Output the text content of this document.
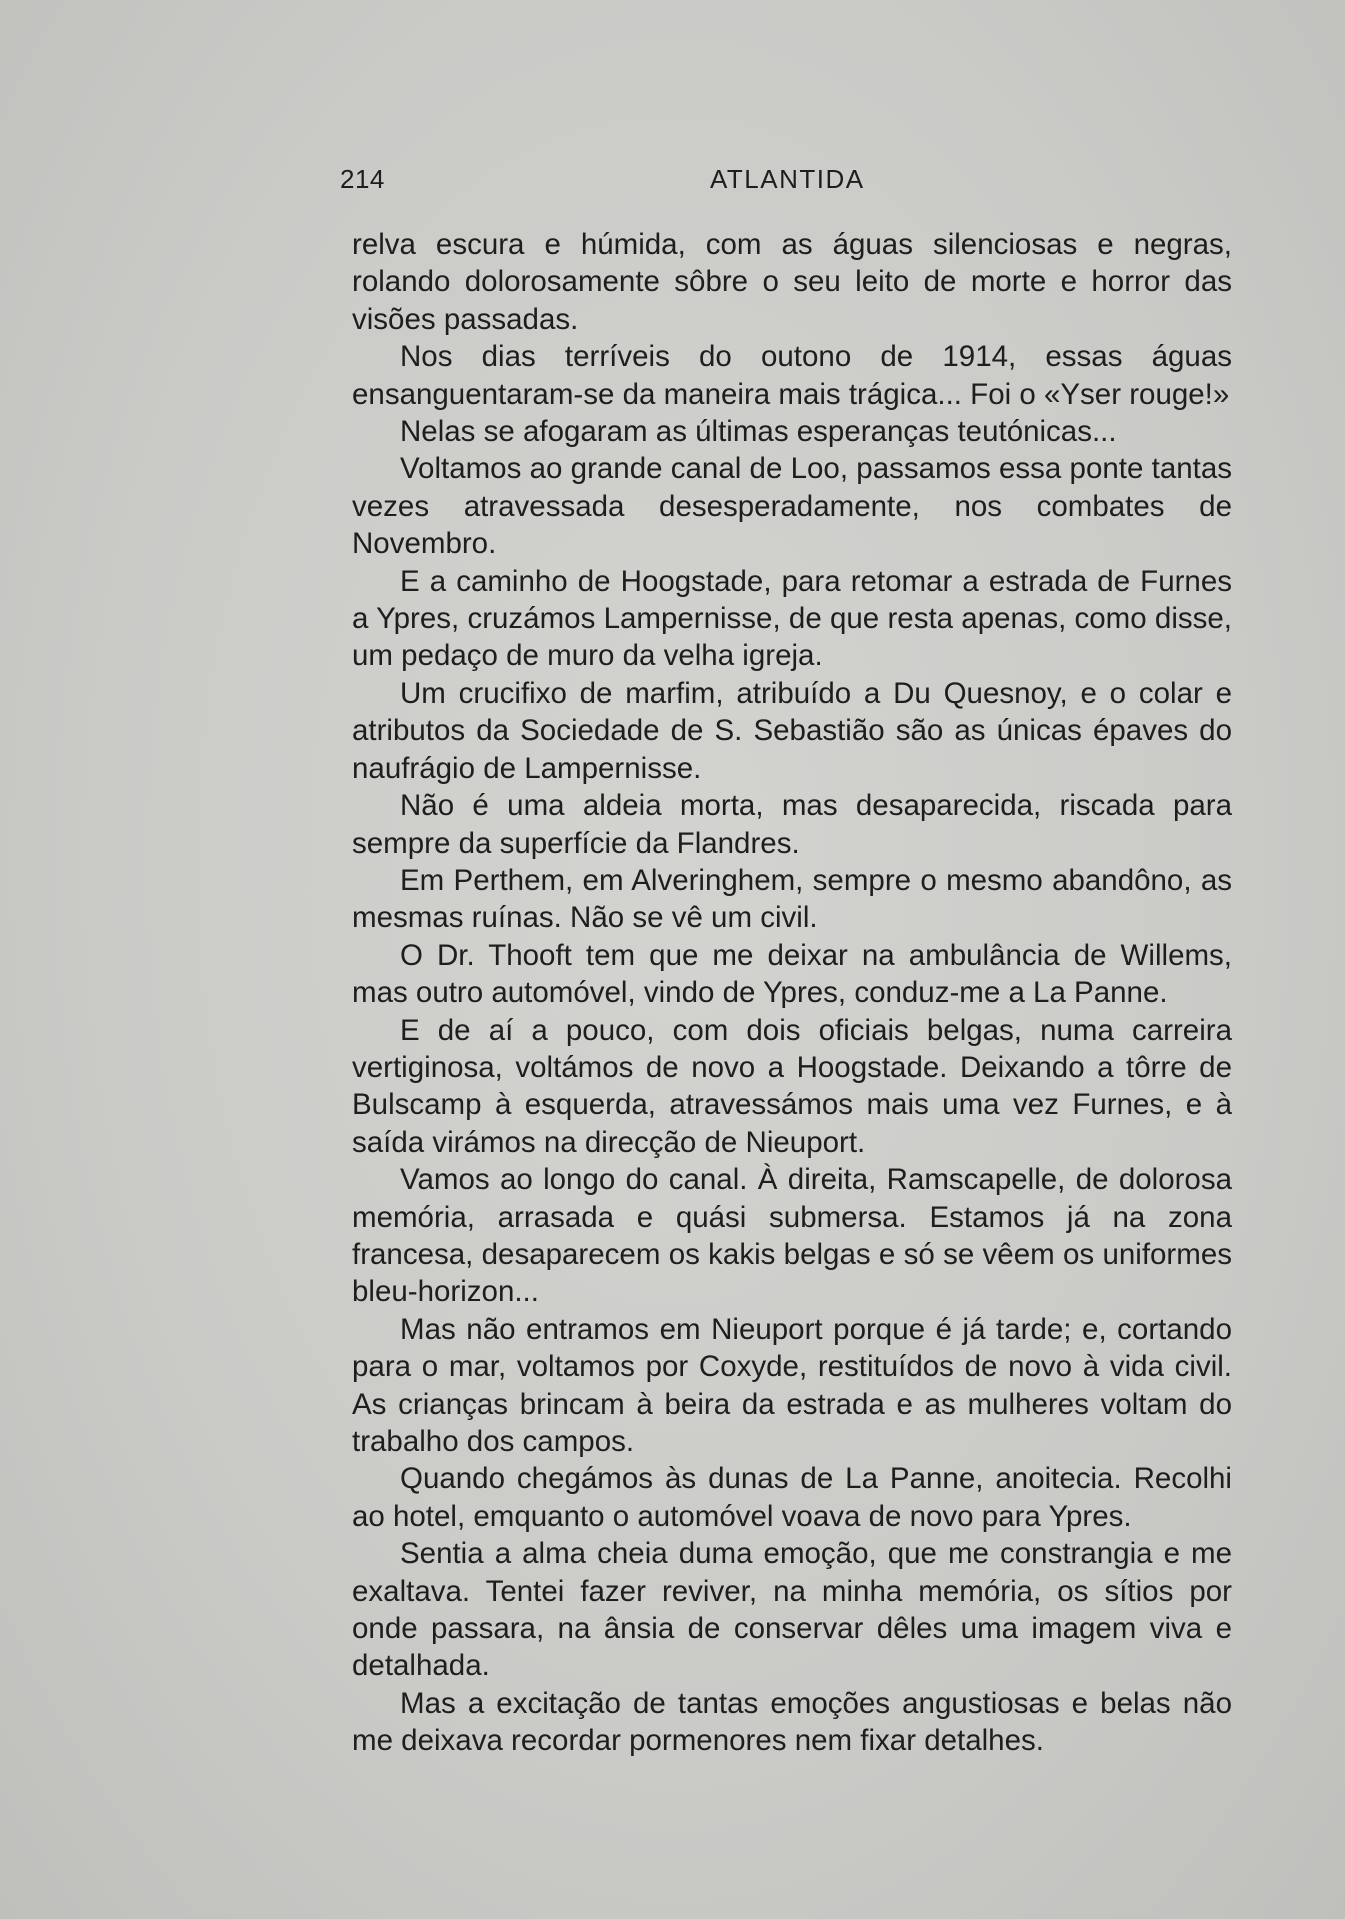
214	ATLANTIDA

relva escura e húmida, com as águas silenciosas e negras, rolando dolorosamente sôbre o seu leito de morte e horror das visões passadas.

Nos dias terríveis do outono de 1914, essas águas ensanguentaram-se da maneira mais trágica... Foi o «Yser rouge!»

Nelas se afogaram as últimas esperanças teutónicas...

Voltamos ao grande canal de Loo, passamos essa ponte tantas vezes atravessada desesperadamente, nos combates de Novembro.

E a caminho de Hoogstade, para retomar a estrada de Furnes a Ypres, cruzámos Lampernisse, de que resta apenas, como disse, um pedaço de muro da velha igreja.

Um crucifixo de marfim, atribuído a Du Quesnoy, e o colar e atributos da Sociedade de S. Sebastião são as únicas épaves do naufrágio de Lampernisse.

Não é uma aldeia morta, mas desaparecida, riscada para sempre da superfície da Flandres.

Em Perthem, em Alveringhem, sempre o mesmo abandôno, as mesmas ruínas. Não se vê um civil.

O Dr. Thooft tem que me deixar na ambulância de Willems, mas outro automóvel, vindo de Ypres, conduz-me a La Panne.

E de aí a pouco, com dois oficiais belgas, numa carreira vertiginosa, voltámos de novo a Hoogstade. Deixando a tôrre de Bulscamp à esquerda, atravessámos mais uma vez Furnes, e à saída virámos na direcção de Nieuport.

Vamos ao longo do canal. À direita, Ramscapelle, de dolorosa memória, arrasada e quási submersa. Estamos já na zona francesa, desaparecem os kakis belgas e só se vêem os uniformes bleu-horizon...

Mas não entramos em Nieuport porque é já tarde; e, cortando para o mar, voltamos por Coxyde, restituídos de novo à vida civil. As crianças brincam à beira da estrada e as mulheres voltam do trabalho dos campos.

Quando chegámos às dunas de La Panne, anoitecia. Recolhi ao hotel, emquanto o automóvel voava de novo para Ypres.

Sentia a alma cheia duma emoção, que me constrangia e me exaltava. Tentei fazer reviver, na minha memória, os sítios por onde passara, na ânsia de conservar dêles uma imagem viva e detalhada.

Mas a excitação de tantas emoções angustiosas e belas não me deixava recordar pormenores nem fixar detalhes.
